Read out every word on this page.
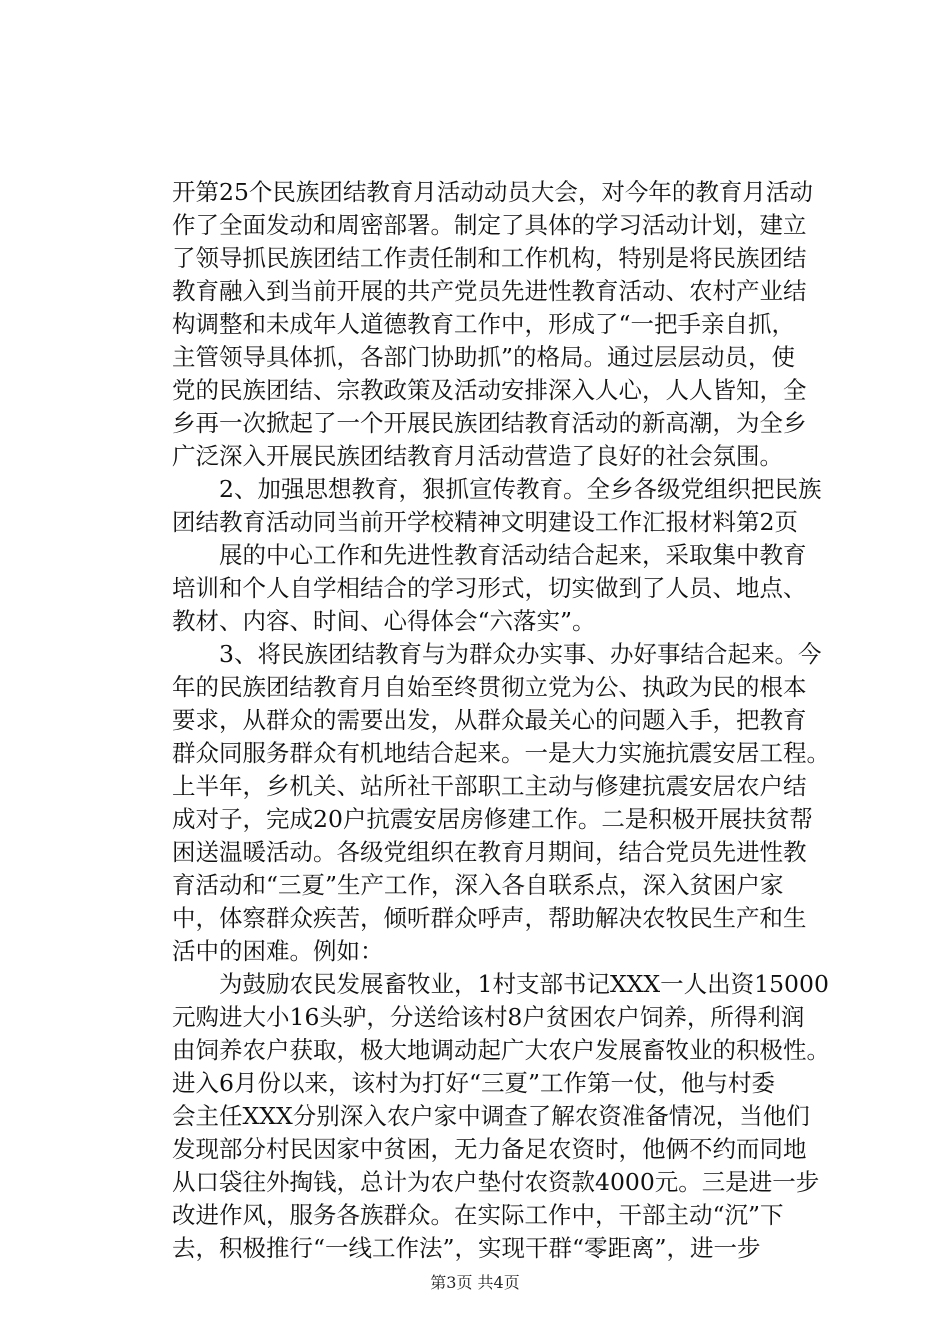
开第25个民族团结教育月活动动员大会，对今年的教育月活动
作了全面发动和周密部署。制定了具体的学习活动计划，建立
了领导抓民族团结工作责任制和工作机构，特别是将民族团结
教育融入到当前开展的共产党员先进性教育活动、农村产业结
构调整和未成年人道德教育工作中，形成了“一把手亲自抓，
主管领导具体抓，各部门协助抓”的格局。通过层层动员，使
党的民族团结、宗教政策及活动安排深入人心，人人皆知，全
乡再一次掀起了一个开展民族团结教育活动的新高潮，为全乡
广泛深入开展民族团结教育月活动营造了良好的社会氛围。
　　2、加强思想教育，狠抓宣传教育。全乡各级党组织把民族
团结教育活动同当前开学校精神文明建设工作汇报材料第2页
　　展的中心工作和先进性教育活动结合起来，采取集中教育
培训和个人自学相结合的学习形式，切实做到了人员、地点、
教材、内容、时间、心得体会“六落实”。
　　3、将民族团结教育与为群众办实事、办好事结合起来。今
年的民族团结教育月自始至终贯彻立党为公、执政为民的根本
要求，从群众的需要出发，从群众最关心的问题入手，把教育
群众同服务群众有机地结合起来。一是大力实施抗震安居工程。
上半年，乡机关、站所社干部职工主动与修建抗震安居农户结
成对子，完成20户抗震安居房修建工作。二是积极开展扶贫帮
困送温暖活动。各级党组织在教育月期间，结合党员先进性教
育活动和“三夏”生产工作，深入各自联系点，深入贫困户家
中，体察群众疾苦，倾听群众呼声，帮助解决农牧民生产和生
活中的困难。例如：
　　为鼓励农民发展畜牧业，1村支部书记XXX一人出资15000
元购进大小16头驴，分送给该村8户贫困农户饲养，所得利润
由饲养农户获取，极大地调动起广大农户发展畜牧业的积极性。
进入6月份以来，该村为打好“三夏”工作第一仗，他与村委
会主任XXX分别深入农户家中调查了解农资准备情况，当他们
发现部分村民因家中贫困，无力备足农资时，他俩不约而同地
从口袋往外掏钱，总计为农户垫付农资款4000元。三是进一步
改进作风，服务各族群众。在实际工作中，干部主动“沉”下
去，积极推行“一线工作法”，实现干群“零距离”，进一步
第3页 共4页
